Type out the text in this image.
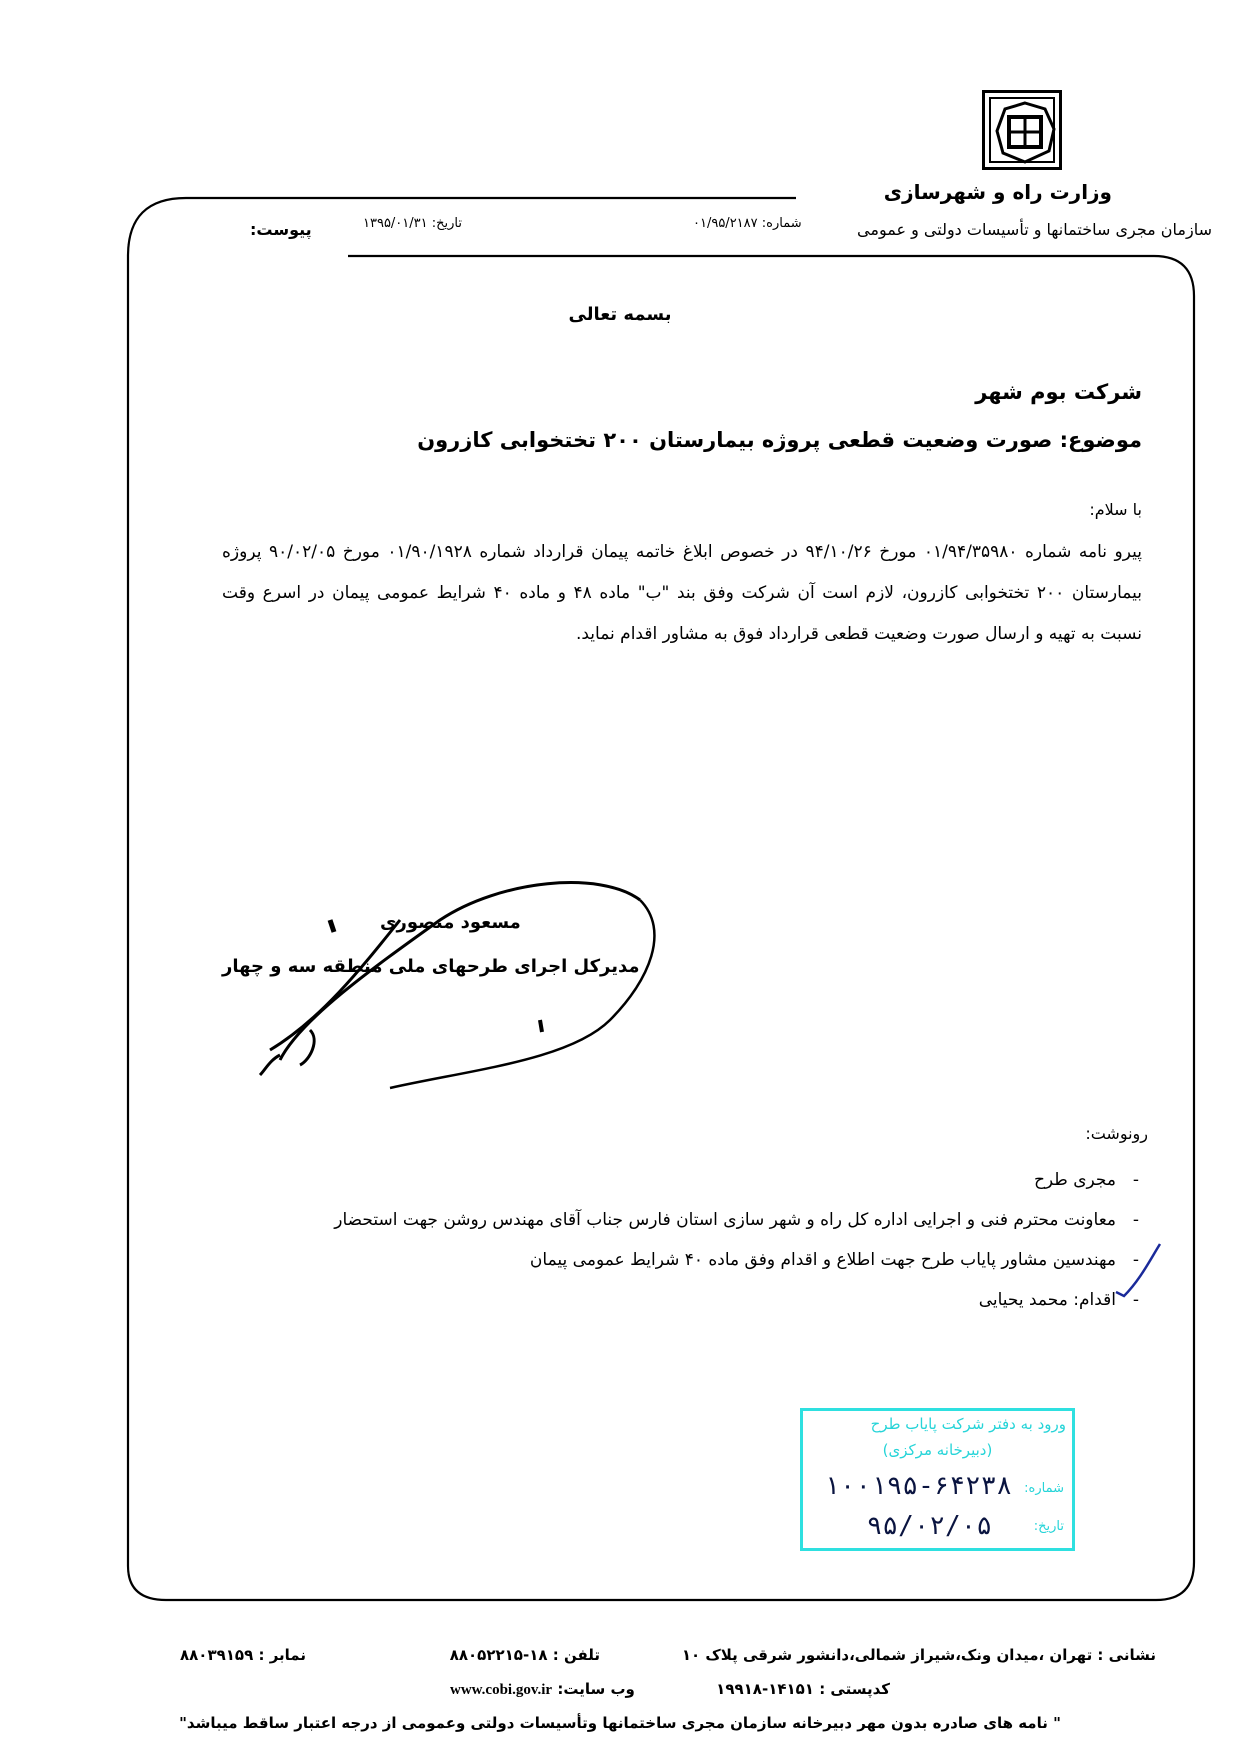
وزارت راه و شهرسازی
سازمان مجری ساختمانها و تأسیسات دولتی و عمومی
شماره: ۰۱/۹۵/۲۱۸۷
تاریخ: ۱۳۹۵/۰۱/۳۱
پیوست:
بسمه تعالی
شرکت بوم شهر
موضوع: صورت وضعیت قطعی پروژه بیمارستان ۲۰۰ تختخوابی کازرون
با سلام:
پیرو نامه شماره ۰۱/۹۴/۳۵۹۸۰ مورخ ۹۴/۱۰/۲۶ در خصوص ابلاغ خاتمه پیمان قرارداد شماره ۰۱/۹۰/۱۹۲۸ مورخ ۹۰/۰۲/۰۵ پروژه بیمارستان ۲۰۰ تختخوابی کازرون، لازم است آن شرکت وفق بند "ب" ماده ۴۸ و ماده ۴۰ شرایط عمومی پیمان در اسرع وقت نسبت به تهیه و ارسال صورت وضعیت قطعی قرارداد فوق به مشاور اقدام نماید.
مسعود منصوری
مدیرکل اجرای طرحهای ملی منطقه سه و چهار
رونوشت:
-
مجری طرح
-
معاونت محترم فنی و اجرایی اداره کل راه و شهر سازی استان فارس جناب آقای مهندس روشن جهت استحضار
-
مهندسین مشاور پایاب طرح جهت اطلاع و اقدام وفق ماده ۴۰ شرایط عمومی پیمان
-
اقدام: محمد یحیایی
ورود به دفتر شرکت پایاب طرح
(دبیرخانه مرکزی)
شماره:
تاریخ:
۱۰۰۱۹۵-۶۴۲۳۸
۹۵/۰۲/۰۵
نشانی : تهران ،میدان ونک،شیراز شمالی،دانشور شرقی پلاک ۱۰
تلفن : ۱۸-۸۸۰۵۲۲۱۵
نمابر : ۸۸۰۳۹۱۵۹
کدپستی : ۱۴۱۵۱-۱۹۹۱۸
وب سایت: www.cobi.gov.ir
" نامه های صادره بدون مهر دبیرخانه سازمان مجری ساختمانها وتأسیسات دولتی وعمومی از درجه اعتبار ساقط میباشد"
